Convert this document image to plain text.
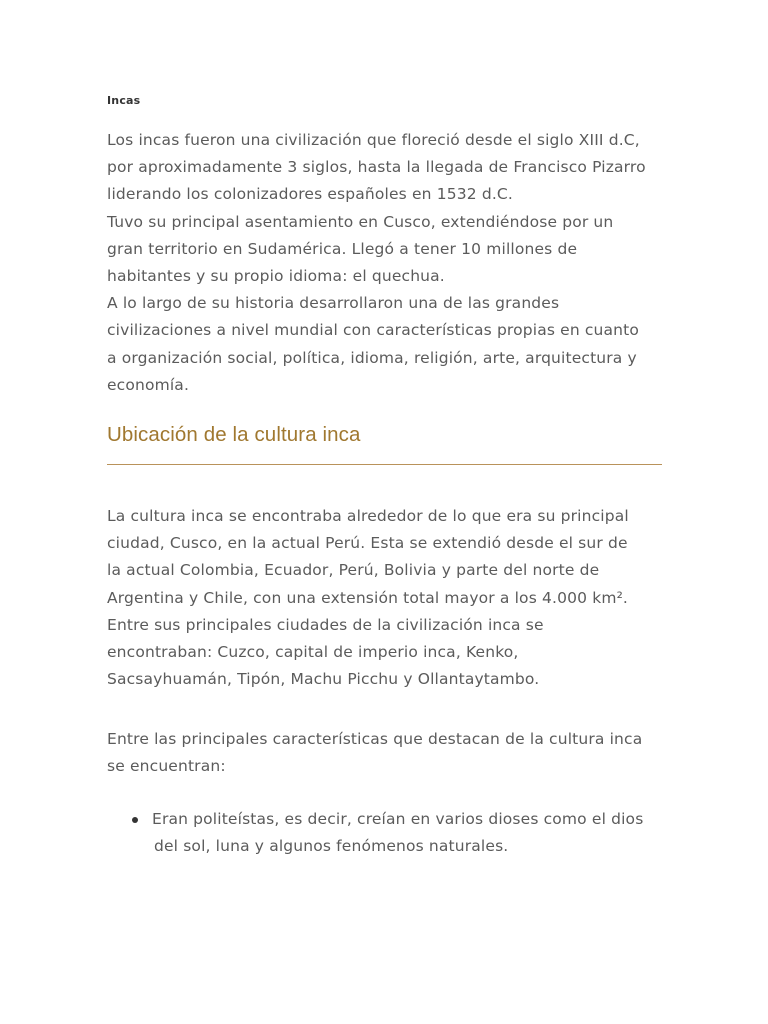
Incas

Los incas fueron una civilización que floreció desde el siglo XIII d.C,

por aproximadamente 3 siglos, hasta la llegada de Francisco Pizarro

liderando los colonizadores españoles en 1532 d.C.

Tuvo su principal asentamiento en Cusco, extendiéndose por un

gran territorio en Sudamérica. Llegó a tener 10 millones de

habitantes y su propio idioma: el quechua.

A lo largo de su historia desarrollaron una de las grandes

civilizaciones a nivel mundial con características propias en cuanto

a organización social, política, idioma, religión, arte, arquitectura y

economía.

Ubicación de la cultura inca

La cultura inca se encontraba alrededor de lo que era su principal

ciudad, Cusco, en la actual Perú. Esta se extendió desde el sur de

la actual Colombia, Ecuador, Perú, Bolivia y parte del norte de

Argentina y Chile, con una extensión total mayor a los 4.000 km².

Entre sus principales ciudades de la civilización inca se

encontraban: Cuzco, capital de imperio inca, Kenko,

Sacsayhuamán, Tipón, Machu Picchu y Ollantaytambo.

Entre las principales características que destacan de la cultura inca

se encuentran:

Eran politeístas, es decir, creían en varios dioses como el dios
del sol, luna y algunos fenómenos naturales.
